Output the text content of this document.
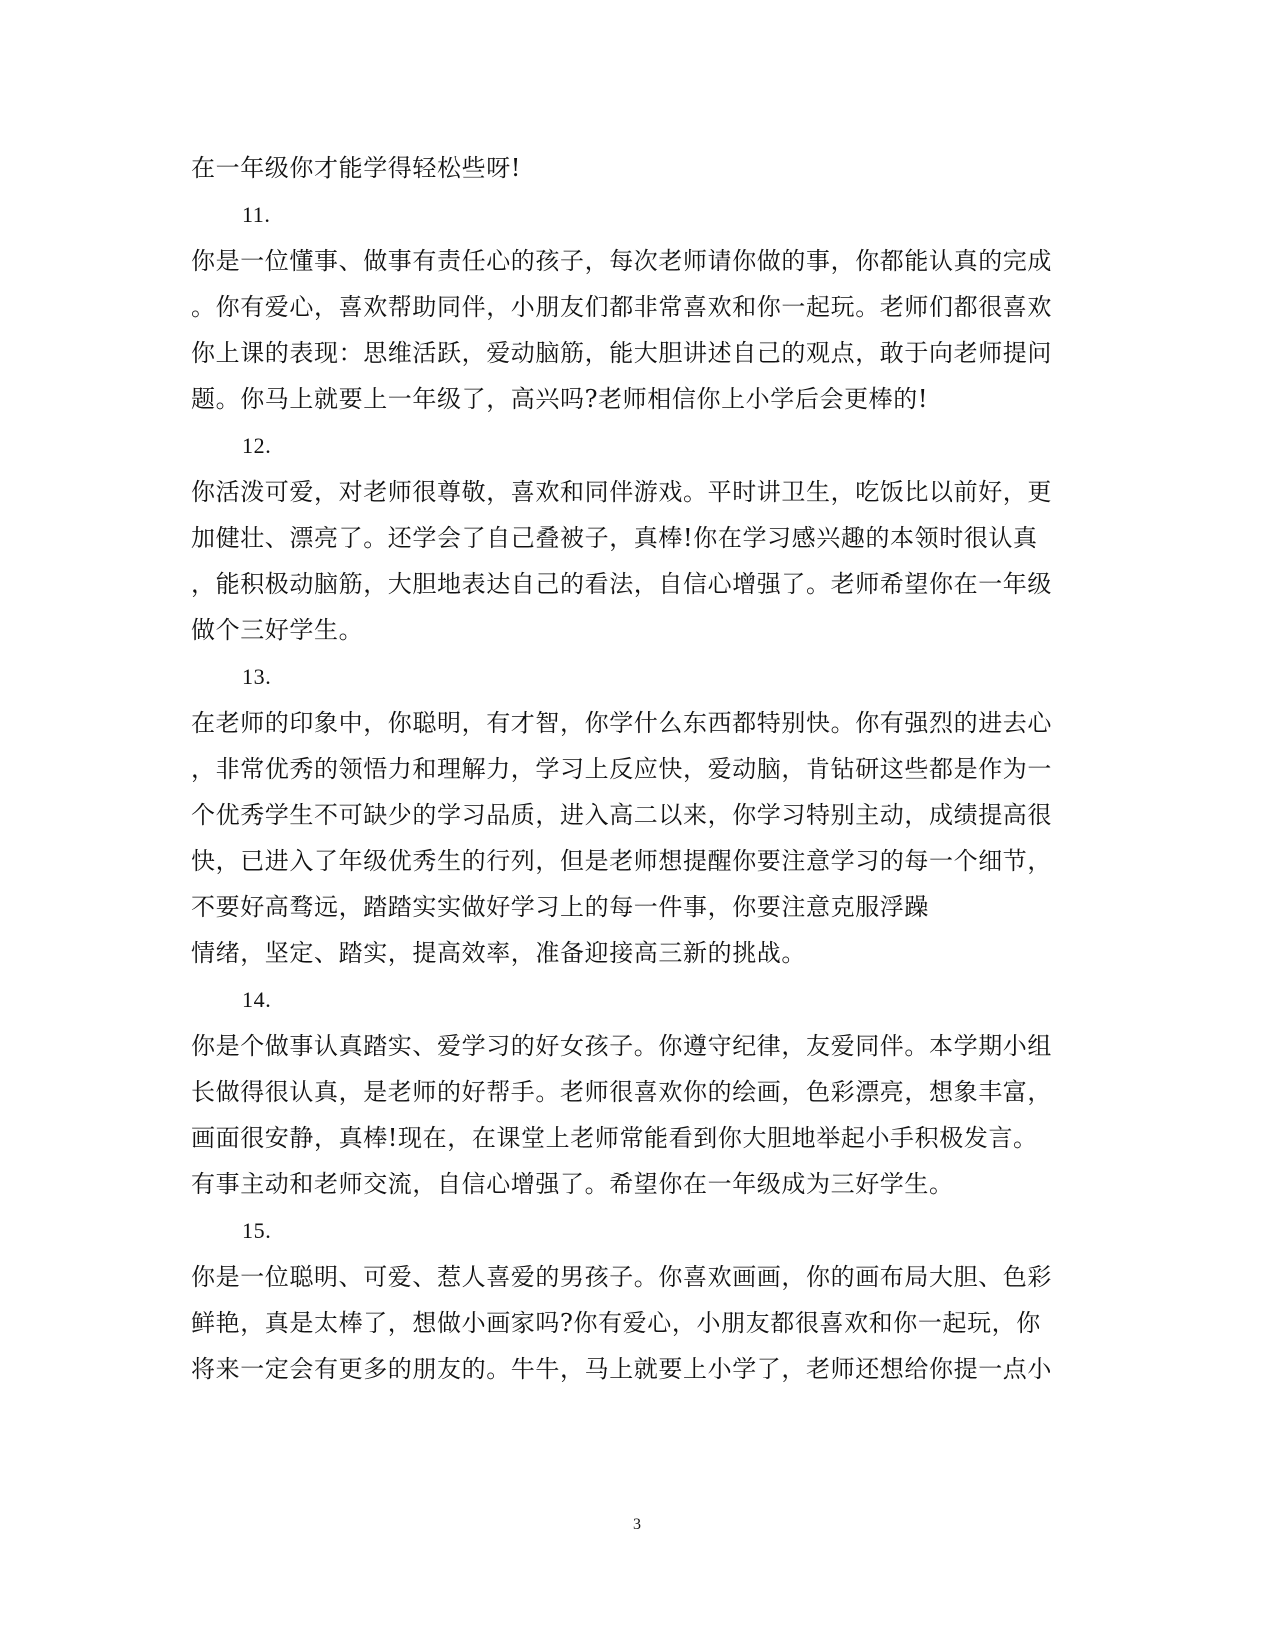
在一年级你才能学得轻松些呀!
11.
你是一位懂事、做事有责任心的孩子，每次老师请你做的事，你都能认真的完成
。你有爱心，喜欢帮助同伴，小朋友们都非常喜欢和你一起玩。老师们都很喜欢
你上课的表现：思维活跃，爱动脑筋，能大胆讲述自己的观点，敢于向老师提问
题。你马上就要上一年级了，高兴吗?老师相信你上小学后会更棒的!
12.
你活泼可爱，对老师很尊敬，喜欢和同伴游戏。平时讲卫生，吃饭比以前好，更
加健壮、漂亮了。还学会了自己叠被子，真棒!你在学习感兴趣的本领时很认真
，能积极动脑筋，大胆地表达自己的看法，自信心增强了。老师希望你在一年级
做个三好学生。
13.
在老师的印象中，你聪明，有才智，你学什么东西都特别快。你有强烈的进去心
，非常优秀的领悟力和理解力，学习上反应快，爱动脑，肯钻研这些都是作为一
个优秀学生不可缺少的学习品质，进入高二以来，你学习特别主动，成绩提高很
快，已进入了年级优秀生的行列，但是老师想提醒你要注意学习的每一个细节，
不要好高骛远，踏踏实实做好学习上的每一件事，你要注意克服浮躁
情绪，坚定、踏实，提高效率，准备迎接高三新的挑战。
14.
你是个做事认真踏实、爱学习的好女孩子。你遵守纪律，友爱同伴。本学期小组
长做得很认真，是老师的好帮手。老师很喜欢你的绘画，色彩漂亮，想象丰富，
画面很安静，真棒!现在，在课堂上老师常能看到你大胆地举起小手积极发言。
有事主动和老师交流，自信心增强了。希望你在一年级成为三好学生。
15.
你是一位聪明、可爱、惹人喜爱的男孩子。你喜欢画画，你的画布局大胆、色彩
鲜艳，真是太棒了，想做小画家吗?你有爱心，小朋友都很喜欢和你一起玩，你
将来一定会有更多的朋友的。牛牛，马上就要上小学了，老师还想给你提一点小
3
